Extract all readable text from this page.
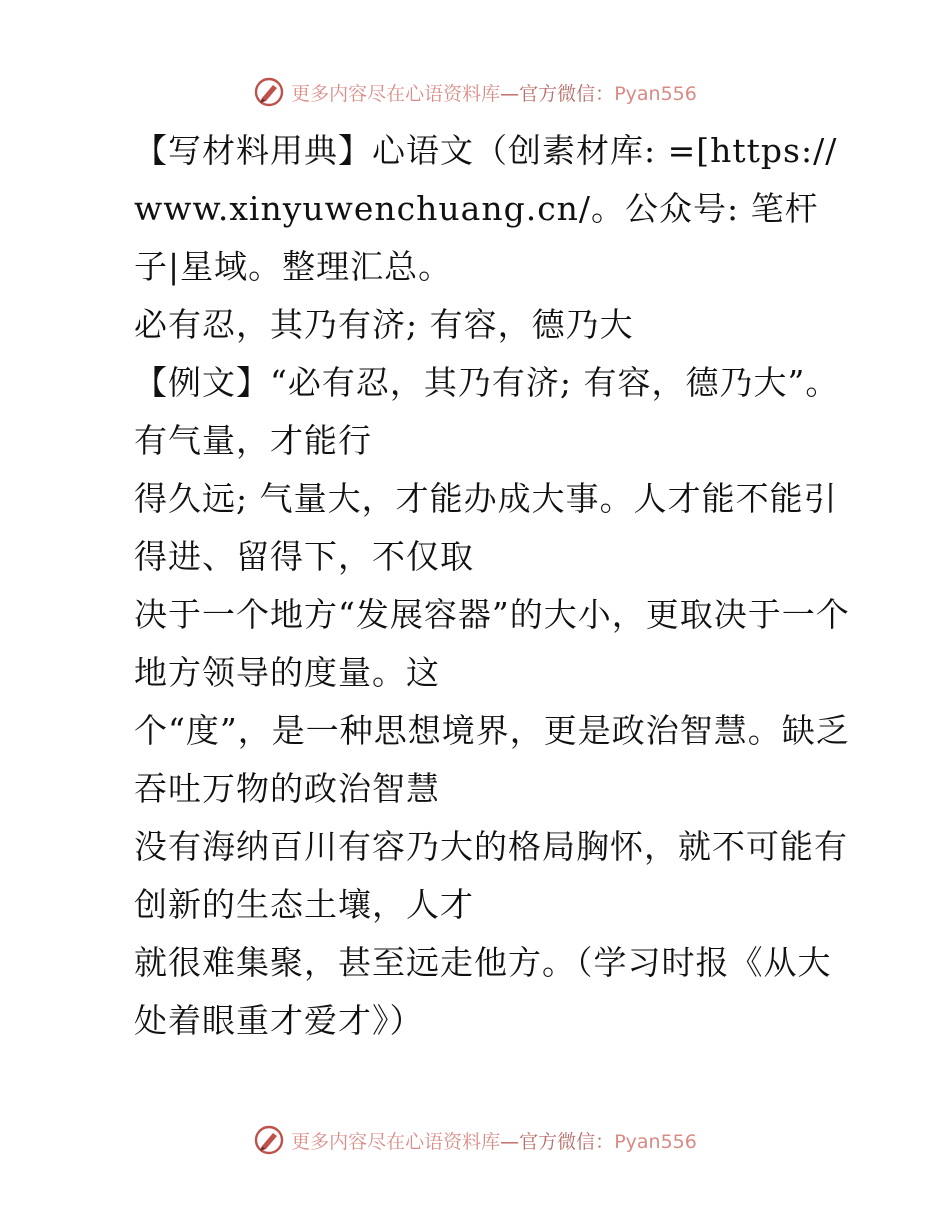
更多内容尽在心语资料库—官方微信：Pyan556

【写材料用典】心语文（创素材库: =[https://www.xinyuwenchuang.cn/。公众号: 笔杆子|星域。整理汇总。

必有忍，其乃有济; 有容，德乃大

【例文】“必有忍，其乃有济; 有容，德乃大”。有气量，才能行

得久远; 气量大，才能办成大事。人才能不能引得进、留得下，不仅取

决于一个地方“发展容器”的大小，更取决于一个地方领导的度量。这

个“度”，是一种思想境界，更是政治智慧。缺乏吞吐万物的政治智慧

没有海纳百川有容乃大的格局胸怀，就不可能有创新的生态土壤，人才

就很难集聚，甚至远走他方。（学习时报《从大处着眼重才爱才》）

更多内容尽在心语资料库—官方微信：Pyan556
